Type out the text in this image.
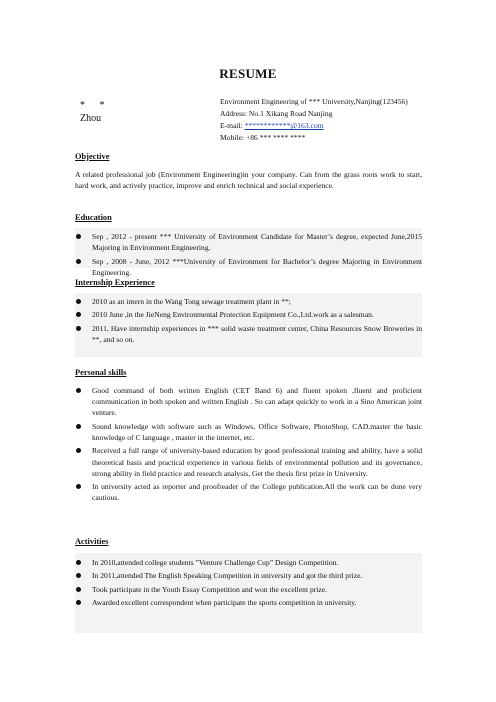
RESUME
* *
Zhou
Environment Engineering of *** University,Nanjing(123456)
Address: No.1 Xikang Road Nanjing
E-mail: ************@163.com
Mobile: +86 *** **** ****
Objective
A related professional job (Environment Engineering)in your company. Can from the grass roots work to start, hard work, and actively practice, improve and enrich technical and social experience.
Education
Sep , 2012 - present *** University of Environment Candidate for Master’s degree, expected June,2015 Majoring in Environment Engineering.
Sep , 2008 - June, 2012 ***University of Environment for Bachelor’s degree Majoring in Environment Engineering.
Internship Experience
2010 as an intern in the Wang Tong sewage treatment plant in **;
2010 June ,in the JieNeng Environmental Protection Equipment Co.,Ltd.work as a salesman.
2011, Have internship experiences in *** solid waste treatment center, China Resources Snow Breweries in **, and so on.
Personal skills
Good command of both written English (CET Band 6) and fluent spoken ,fluent and proficient communication in both spoken and written English . So can adapt quickly to work in a Sino American joint venture.
Sound knowledge with software such as Windows, Office Software, PhotoShop, CAD,master the basic knowledge of C language , master in the internet, etc.
Received a full range of university-based education by good professional training and ability, have a solid theoretical basis and practical experience in various fields of environmental pollution and its governance, strong ability in field practice and research analysis, Get the thesis first prize in University.
In university acted as reporter and proofreader of the College publication.All the work can be done very cautious.
Activities
In 2010,attended college students ”Venture Challenge Cup” Design Competition.
In 2011,attended The English Speaking Competition in university and got the third prize.
Took participate in the Youth Essay Competition and won the excellent prize.
Awarded excellent correspondent when participate the sports competition in university.
